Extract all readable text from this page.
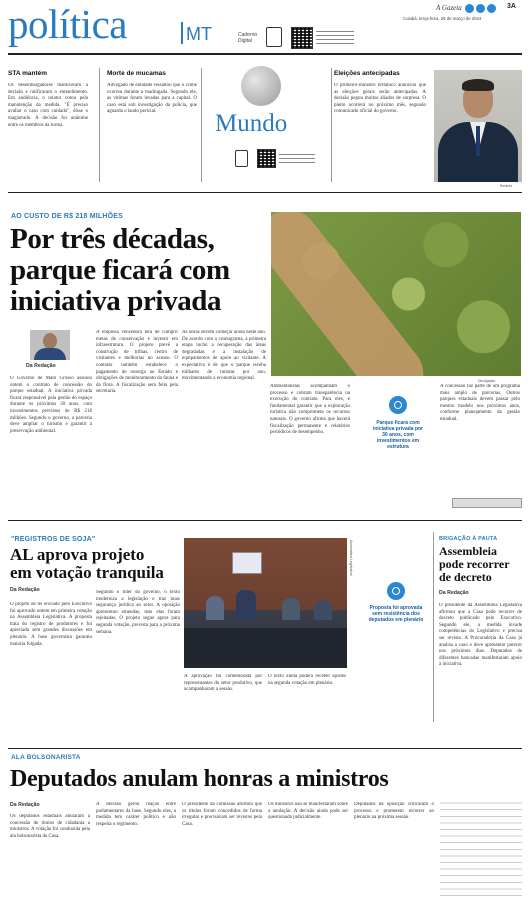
política	MT	Caderno
Digital
A Gazeta	3A
Cuiabá, terça-feira, 26 de março de 2024
STA mantém
Os desembargadores mantiveram a decisão e ratificaram o entendimento. Em audiência, o relator votou pela manutenção da medida. "É preciso avaliar o caso com cuidado", disse o magistrado. A decisão foi unânime entre os membros da turma.
Morte de mucamas
Advogado de entidade ressaltou que o crime ocorreu durante a madrugada. Segundo ele, as vítimas foram levadas para a capital. O caso está sob investigação da polícia, que aguarda o laudo pericial.	Mundo
Eleições antecipadas
O primeiro-ministro britânico anunciou que as eleições gerais serão antecipadas. A decisão pegou muitos aliados de surpresa. O pleito ocorrerá no próximo mês, segundo comunicado oficial do governo.
Reuters
AO CUSTO DE R$ 218 MILHÕES
Por três décadas,
parque ficará com
iniciativa privada
Divulgação
Da Redação
O Governo de Mato Grosso assinou ontem o contrato de concessão do parque estadual. A iniciativa privada ficará responsável pela gestão do espaço durante os próximos 30 anos, com investimentos previstos de R$ 218 milhões. Segundo o governo, a parceria deve ampliar o turismo e garantir a preservação ambiental.
A empresa vencedora terá de cumprir metas de conservação e investir em infraestrutura. O projeto prevê a construção de trilhas, centro de visitantes e melhorias no acesso. O contrato também estabelece o pagamento de outorga ao Estado e obrigações de monitoramento da fauna e da flora. A fiscalização será feita pela secretaria.
As obras devem começar ainda neste ano. De acordo com o cronograma, a primeira etapa inclui a recuperação das áreas degradadas e a instalação de equipamentos de apoio ao visitante. A expectativa é de que o parque receba milhares de turistas por ano, movimentando a economia regional.
Ambientalistas acompanham o processo e cobram transparência na execução do contrato. Para eles, é fundamental garantir que a exploração turística não comprometa os recursos naturais. O governo afirma que haverá fiscalização permanente e relatórios periódicos de desempenho.
Parque ficará com iniciativa privada por 30 anos, com investimentos em estrutura
A concessão faz parte de um programa mais amplo de parcerias. Outros parques estaduais devem passar pelo mesmo modelo nos próximos anos, conforme planejamento da gestão estadual.
"REGISTROS DE SOJA"
AL aprova projeto
em votação tranquila
Da Redação
O projeto de lei enviado pelo Executivo foi aprovado ontem em primeira votação na Assembleia Legislativa. A proposta trata do registro de produtores e foi apreciada sem grandes discussões em plenário. A base governista garantiu maioria folgada.
Segundo o líder do governo, o texto moderniza a legislação e traz mais segurança jurídica ao setor. A oposição apresentou emendas, mas elas foram rejeitadas. O projeto segue agora para segunda votação, prevista para a próxima semana.
Assembleia Legislativa
A aprovação foi comemorada por representantes do setor produtivo, que acompanharam a sessão.
O texto ainda poderá receber ajustes na segunda votação em plenário.
Proposta foi aprovada sem resistência dos deputados em plenário
BRIGAÇÃO À PAUTA
Assembleia
pode recorrer
de decreto
Da Redação
O presidente da Assembleia Legislativa afirmou que a Casa pode recorrer de decreto publicado pelo Executivo. Segundo ele, a medida invade competências do Legislativo e precisa ser revista. A Procuradoria da Casa já analisa o caso e deve apresentar parecer nos próximos dias. Deputados de diferentes bancadas manifestaram apoio à iniciativa.
ALA BOLSONARISTA
Deputados anulam honras a ministros
Da Redação
Os deputados estaduais anularam a concessão de títulos de cidadania a ministros. A votação foi conduzida pela ala bolsonarista da Casa.
A decisão gerou reação entre parlamentares da base. Segundo eles, a medida tem caráter político e não respeita o regimento.
O presidente da comissão afirmou que os títulos foram concedidos de forma irregular e precisavam ser revistos pela Casa.
Os ministros não se manifestaram sobre a anulação. A decisão ainda pode ser questionada judicialmente.
Deputados da oposição criticaram o processo e prometem recorrer ao plenário na próxima sessão.
